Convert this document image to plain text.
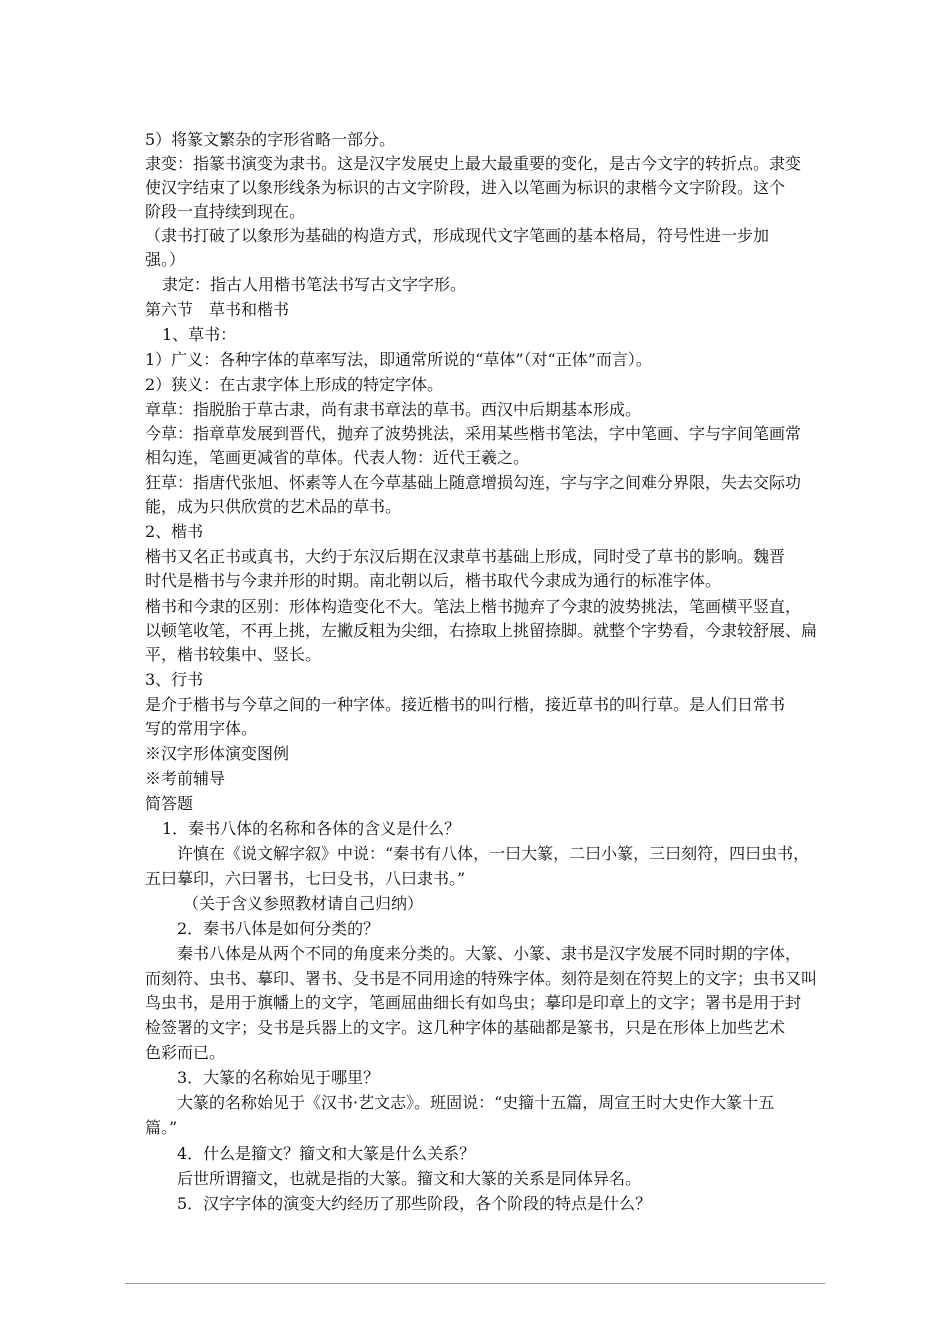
5）将篆文繁杂的字形省略一部分。
隶变：指篆书演变为隶书。这是汉字发展史上最大最重要的变化，是古今文字的转折点。隶变
使汉字结束了以象形线条为标识的古文字阶段，进入以笔画为标识的隶楷今文字阶段。这个
阶段一直持续到现在。
（隶书打破了以象形为基础的构造方式，形成现代文字笔画的基本格局，符号性进一步加
强。）
隶定：指古人用楷书笔法书写古文字字形。
第六节　草书和楷书
1、草书：
1）广义：各种字体的草率写法，即通常所说的“草体”（对“正体”而言）。
2）狭义：在古隶字体上形成的特定字体。
章草：指脱胎于草古隶，尚有隶书章法的草书。西汉中后期基本形成。
今草：指章草发展到晋代，抛弃了波势挑法，采用某些楷书笔法，字中笔画、字与字间笔画常
相勾连，笔画更减省的草体。代表人物：近代王羲之。
狂草：指唐代张旭、怀素等人在今草基础上随意增损勾连，字与字之间难分界限，失去交际功
能，成为只供欣赏的艺术品的草书。
2、楷书
楷书又名正书或真书，大约于东汉后期在汉隶草书基础上形成，同时受了草书的影响。魏晋
时代是楷书与今隶并形的时期。南北朝以后，楷书取代今隶成为通行的标准字体。
楷书和今隶的区别：形体构造变化不大。笔法上楷书抛弃了今隶的波势挑法，笔画横平竖直，
以顿笔收笔，不再上挑，左撇反粗为尖细，右捺取上挑留捺脚。就整个字势看，今隶较舒展、扁
平，楷书较集中、竖长。
3、行书
是介于楷书与今草之间的一种字体。接近楷书的叫行楷，接近草书的叫行草。是人们日常书
写的常用字体。
※汉字形体演变图例
※考前辅导
简答题
1．秦书八体的名称和各体的含义是什么？
许慎在《说文解字叙》中说：“秦书有八体，一曰大篆，二曰小篆，三曰刻符，四曰虫书，
五曰摹印，六曰署书，七曰殳书，八曰隶书。”
（关于含义参照教材请自己归纳）
2．秦书八体是如何分类的？
秦书八体是从两个不同的角度来分类的。大篆、小篆、隶书是汉字发展不同时期的字体，
而刻符、虫书、摹印、署书、殳书是不同用途的特殊字体。刻符是刻在符契上的文字；虫书又叫
鸟虫书，是用于旗幡上的文字，笔画屈曲细长有如鸟虫；摹印是印章上的文字；署书是用于封
检签署的文字；殳书是兵器上的文字。这几种字体的基础都是篆书，只是在形体上加些艺术
色彩而已。
3．大篆的名称始见于哪里？
大篆的名称始见于《汉书·艺文志》。班固说：“史籀十五篇，周宣王时大史作大篆十五
篇。”
4．什么是籀文？籀文和大篆是什么关系？
后世所谓籀文，也就是指的大篆。籀文和大篆的关系是同体异名。
5．汉字字体的演变大约经历了那些阶段，各个阶段的特点是什么？
